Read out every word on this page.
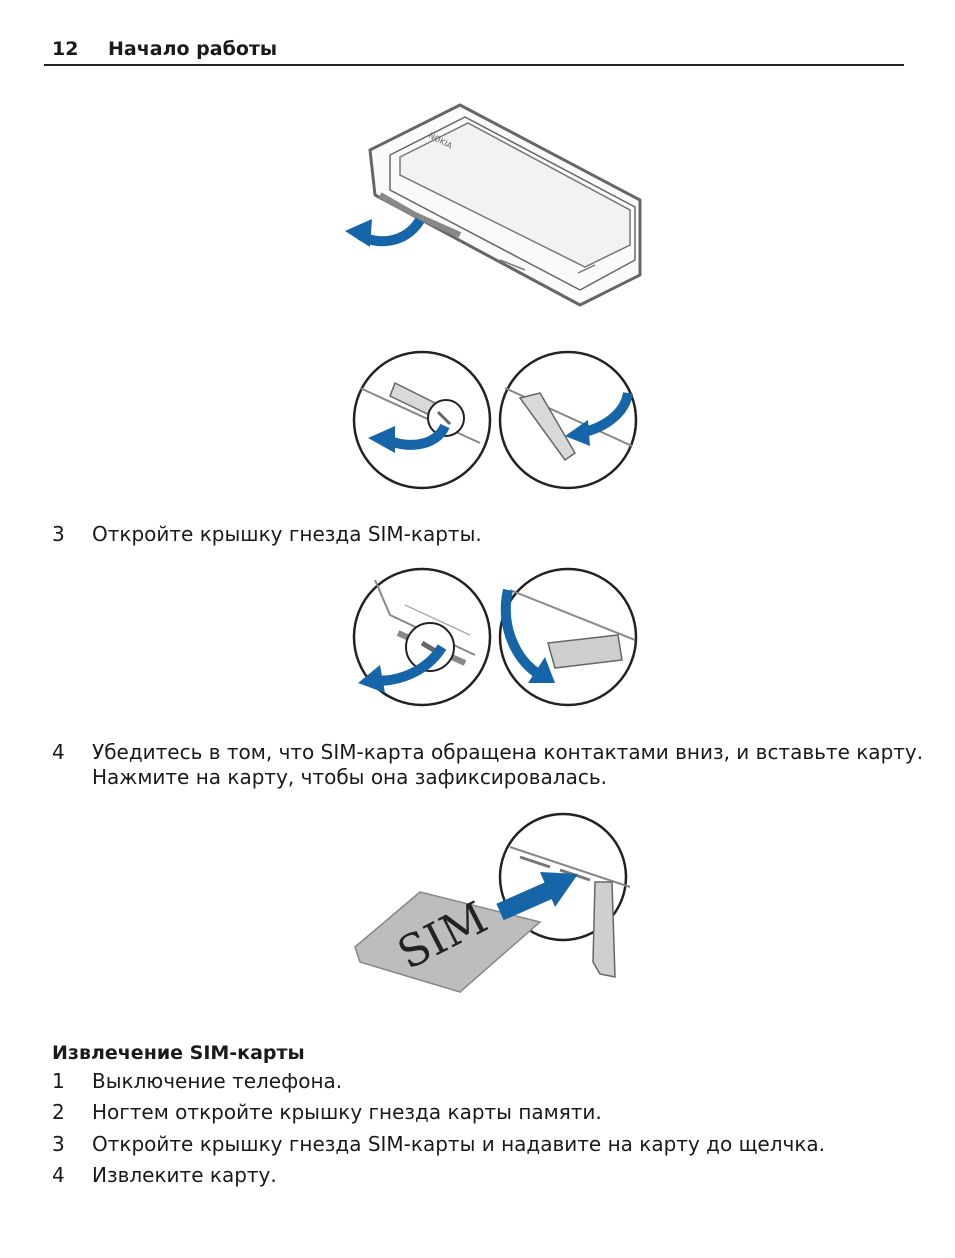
12 Начало работы
NOKIA
3	Откройте крышку гнезда SIM-карты.
4	Убедитесь в том, что SIM-карта обращена контактами вниз, и вставьте карту.
Нажмите на карту, чтобы она зафиксировалась.
SIM
Извлечение SIM-карты
1	Выключение телефона.
2	Ногтем откройте крышку гнезда карты памяти.
3	Откройте крышку гнезда SIM-карты и надавите на карту до щелчка.
4	Извлеките карту.
